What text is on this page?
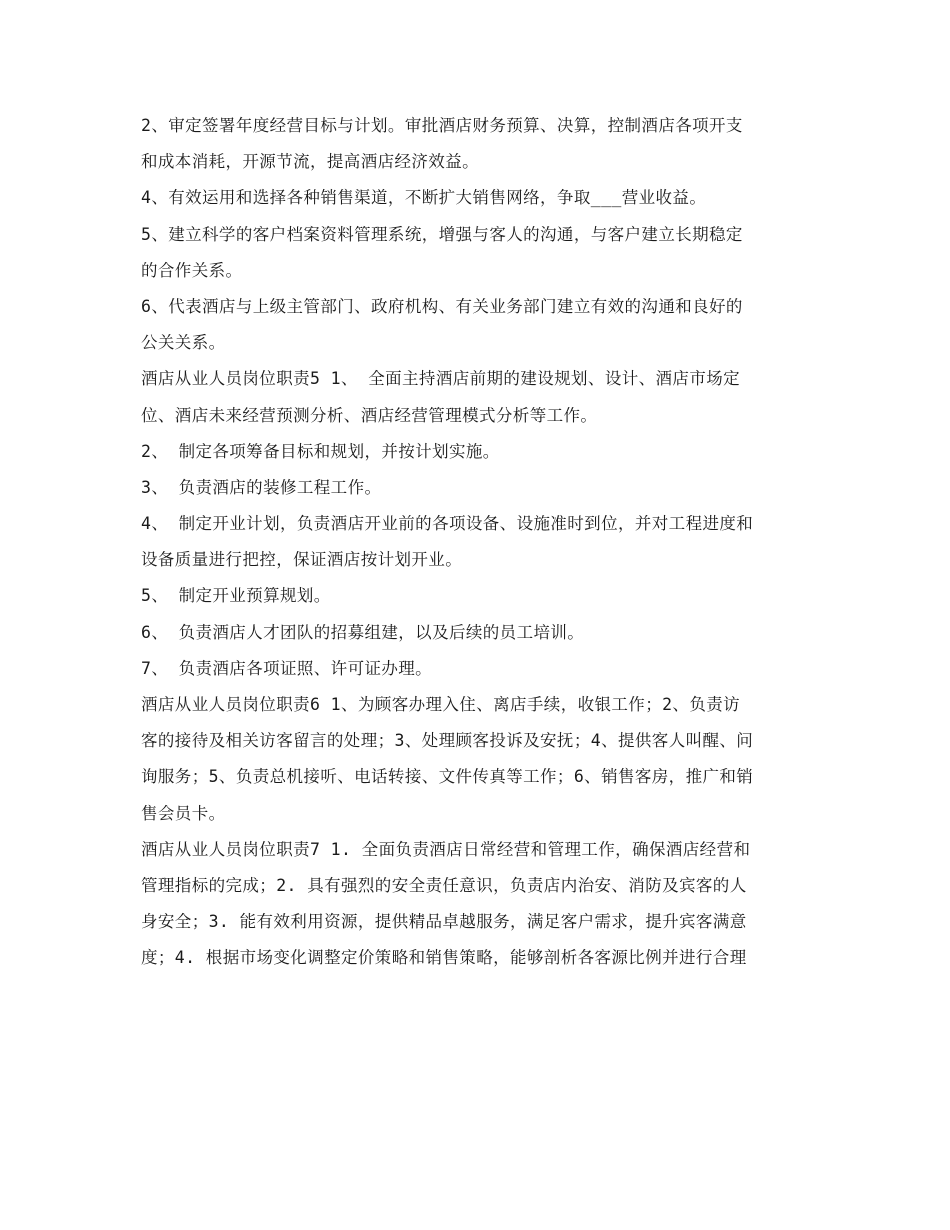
2、审定签署年度经营目标与计划。审批酒店财务预算、决算，控制酒店各项开支
和成本消耗，开源节流，提高酒店经济效益。
4、有效运用和选择各种销售渠道，不断扩大销售网络，争取___营业收益。
5、建立科学的客户档案资料管理系统，增强与客人的沟通，与客户建立长期稳定
的合作关系。
6、代表酒店与上级主管部门、政府机构、有关业务部门建立有效的沟通和良好的
公关关系。
酒店从业人员岗位职责5 1、 全面主持酒店前期的建设规划、设计、酒店市场定
位、酒店未来经营预测分析、酒店经营管理模式分析等工作。
2、 制定各项筹备目标和规划，并按计划实施。
3、 负责酒店的装修工程工作。
4、 制定开业计划，负责酒店开业前的各项设备、设施准时到位，并对工程进度和
设备质量进行把控，保证酒店按计划开业。
5、 制定开业预算规划。
6、 负责酒店人才团队的招募组建，以及后续的员工培训。
7、 负责酒店各项证照、许可证办理。
酒店从业人员岗位职责6 1、为顾客办理入住、离店手续，收银工作；2、负责访
客的接待及相关访客留言的处理；3、处理顾客投诉及安抚；4、提供客人叫醒、问
询服务；5、负责总机接听、电话转接、文件传真等工作；6、销售客房，推广和销
售会员卡。
酒店从业人员岗位职责7 1. 全面负责酒店日常经营和管理工作，确保酒店经营和
管理指标的完成；2. 具有强烈的安全责任意识，负责店内治安、消防及宾客的人
身安全；3. 能有效利用资源，提供精品卓越服务，满足客户需求，提升宾客满意
度；4. 根据市场变化调整定价策略和销售策略，能够剖析各客源比例并进行合理
